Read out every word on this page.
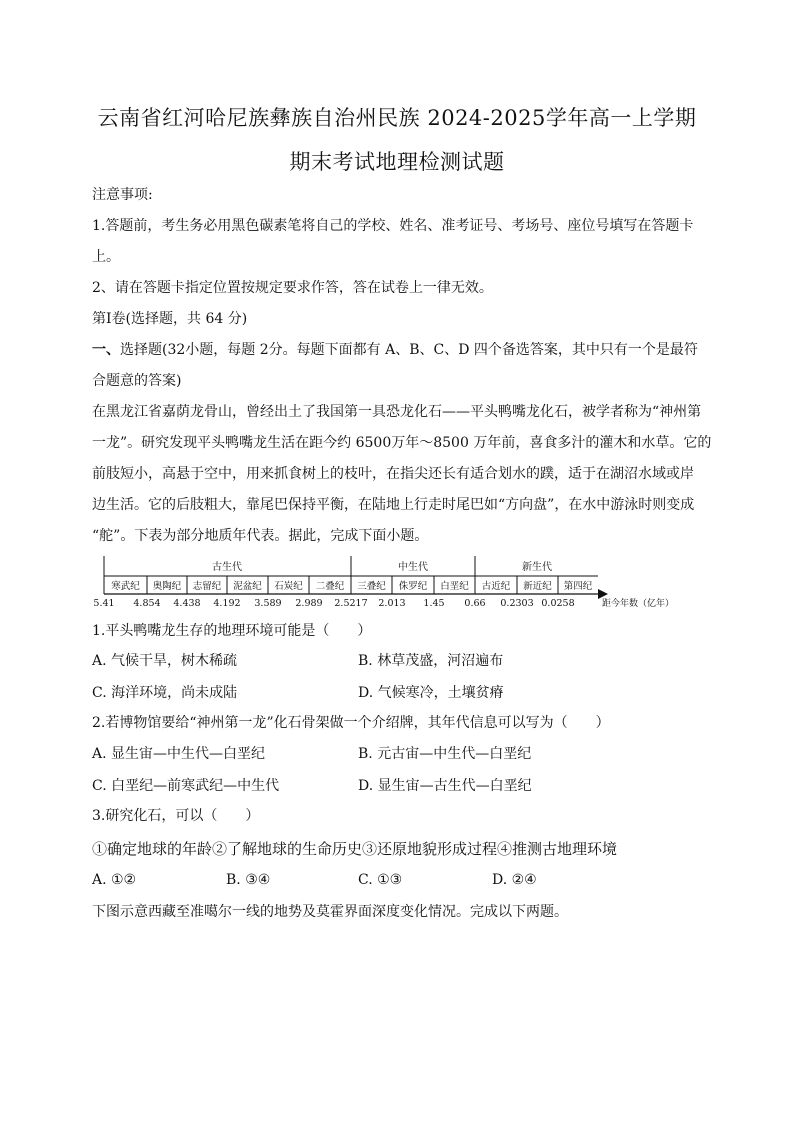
云南省红河哈尼族彝族自治州民族 2024-2025学年高一上学期
期末考试地理检测试题
注意事项:
1.答题前，考生务必用黑色碳素笔将自己的学校、姓名、准考证号、考场号、座位号填写在答题卡
上。
2、请在答题卡指定位置按规定要求作答，答在试卷上一律无效。
第Ⅰ卷(选择题，共 64 分)
一、选择题(32小题，每题 2分。每题下面都有 A、B、C、D 四个备选答案，其中只有一个是最符
合题意的答案)
在黑龙江省嘉荫龙骨山，曾经出土了我国第一具恐龙化石——平头鸭嘴龙化石，被学者称为“神州第
一龙”。研究发现平头鸭嘴龙生活在距今约 6500万年～8500 万年前，喜食多汁的灌木和水草。它的
前肢短小，高悬于空中，用来抓食树上的枝叶，在指尖还长有适合划水的蹼，适于在湖沼水域或岸
边生活。它的后肢粗大，靠尾巴保持平衡，在陆地上行走时尾巴如“方向盘”，在水中游泳时则变成
“舵”。下表为部分地质年代表。据此，完成下面小题。
古生代	中生代	新生代
寒武纪 奥陶纪 志留纪 泥盆纪 石炭纪 二叠纪 三叠纪 侏罗纪 白垩纪 古近纪 新近纪 第四纪
5.41 4.854 4.438 4.192 3.589 2.989 2.5217 2.013 1.45 0.66 0.2303 0.0258	距今年数（亿年）
1.平头鸭嘴龙生存的地理环境可能是（　　）
A. 气候干旱，树木稀疏	B. 林草茂盛，河沼遍布
C. 海洋环境，尚未成陆	D. 气候寒冷，土壤贫瘠
2.若博物馆要给“神州第一龙”化石骨架做一个介绍牌，其年代信息可以写为（　　）
A. 显生宙—中生代—白垩纪	B. 元古宙—中生代—白垩纪
C. 白垩纪—前寒武纪—中生代	D. 显生宙—古生代—白垩纪
3.研究化石，可以（　　）
①确定地球的年龄②了解地球的生命历史③还原地貌形成过程④推测古地理环境
A. ①②	B. ③④	C. ①③	D. ②④
下图示意西藏至准噶尔一线的地势及莫霍界面深度变化情况。完成以下两题。
